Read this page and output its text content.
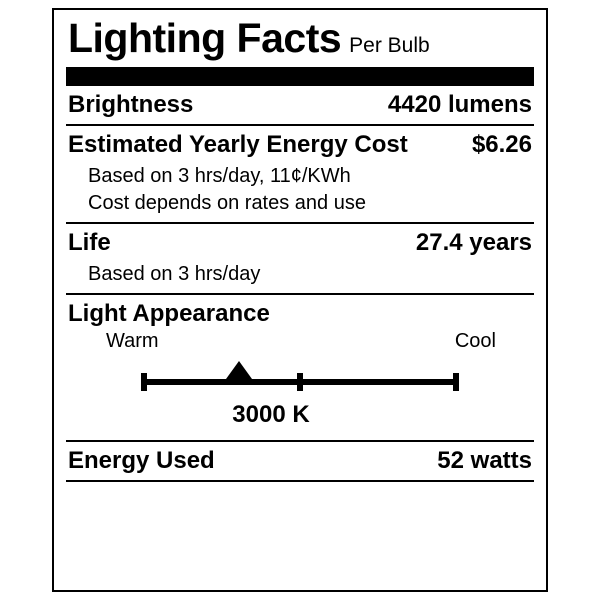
Lighting Facts Per Bulb
Brightness	4420 lumens
Estimated Yearly Energy Cost	$6.26
Based on 3 hrs/day, 11¢/KWh
Cost depends on rates and use
Life	27.4 years
Based on 3 hrs/day
Light Appearance
Warm	Cool
3000 K
Energy Used	52 watts
